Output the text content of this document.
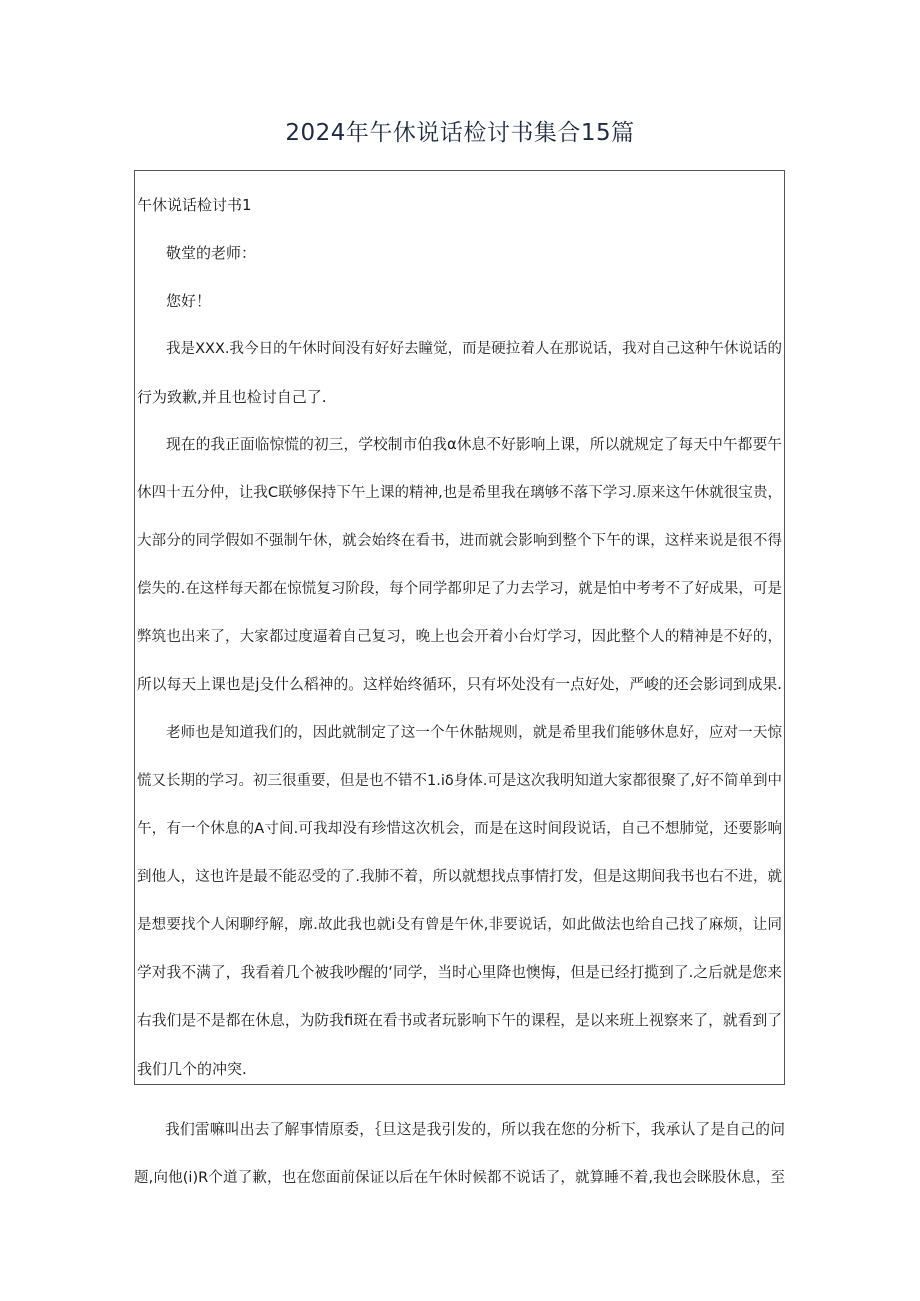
2024年午休说话检讨书集合15篇
午休说话检讨书1
敬堂的老师：
您好！
我是XXX.我今日的午休时间没有好好去瞳觉，而是硬拉着人在那说话，我对自己这种午休说话的
行为致歉,并且也检讨自己了.
现在的我正面临惊慌的初三，学校制市伯我α休息不好影响上课，所以就规定了每天中午都要午
休四十五分仲，让我C联够保持下午上课的精神,也是希里我在璃够不落下学习.原来这午休就很宝贵，
大部分的同学假如不强制午休，就会始终在看书，进而就会影响到整个下午的课，这样来说是很不得
偿失的.在这样每天都在惊慌复习阶段，每个同学都卯足了力去学习，就是怕中考考不了好成果，可是
弊筑也出来了，大家都过度逼着自己复习，晚上也会开着小台灯学习，因此整个人的精神是不好的，
所以每天上课也是j殳什么稻神的。这样始终循环，只有坏处没有一点好处，严峻的还会影词到成果.
老师也是知道我们的，因此就制定了这一个午休骷规则，就是希里我们能够休息好，应对一天惊
慌又长期的学习。初三很重要，但是也不错不1.iδ身体.可是这次我明知道大家都很聚了,好不简单到中
午，有一个休息的A寸间.可我却没有珍惜这次机会，而是在这时间段说话，自己不想肺觉，还要影响
到他人，这也许是最不能忍受的了.我肺不着，所以就想找点事情打发，但是这期间我书也右不进，就
是想要找个人闲聊纾解，廓.故此我也就i殳有曾是午休,非要说话，如此做法也给自己找了麻烦，让同
学对我不满了，我看着几个被我吵醒的‘同学，当时心里降也懊悔，但是已经打揽到了.之后就是您来
右我们是不是都在休息，为防我fi斑在看书或者玩影响下午的课程，是以来班上视察来了，就看到了
我们几个的冲突.
我们雷嘛叫出去了解事情原委，｛旦这是我引发的，所以我在您的分析下，我承认了是自己的问
题,向他(i)R个道了歉，也在您面前保证以后在午休时候都不说话了，就算睡不着,我也会眯股休息，至
